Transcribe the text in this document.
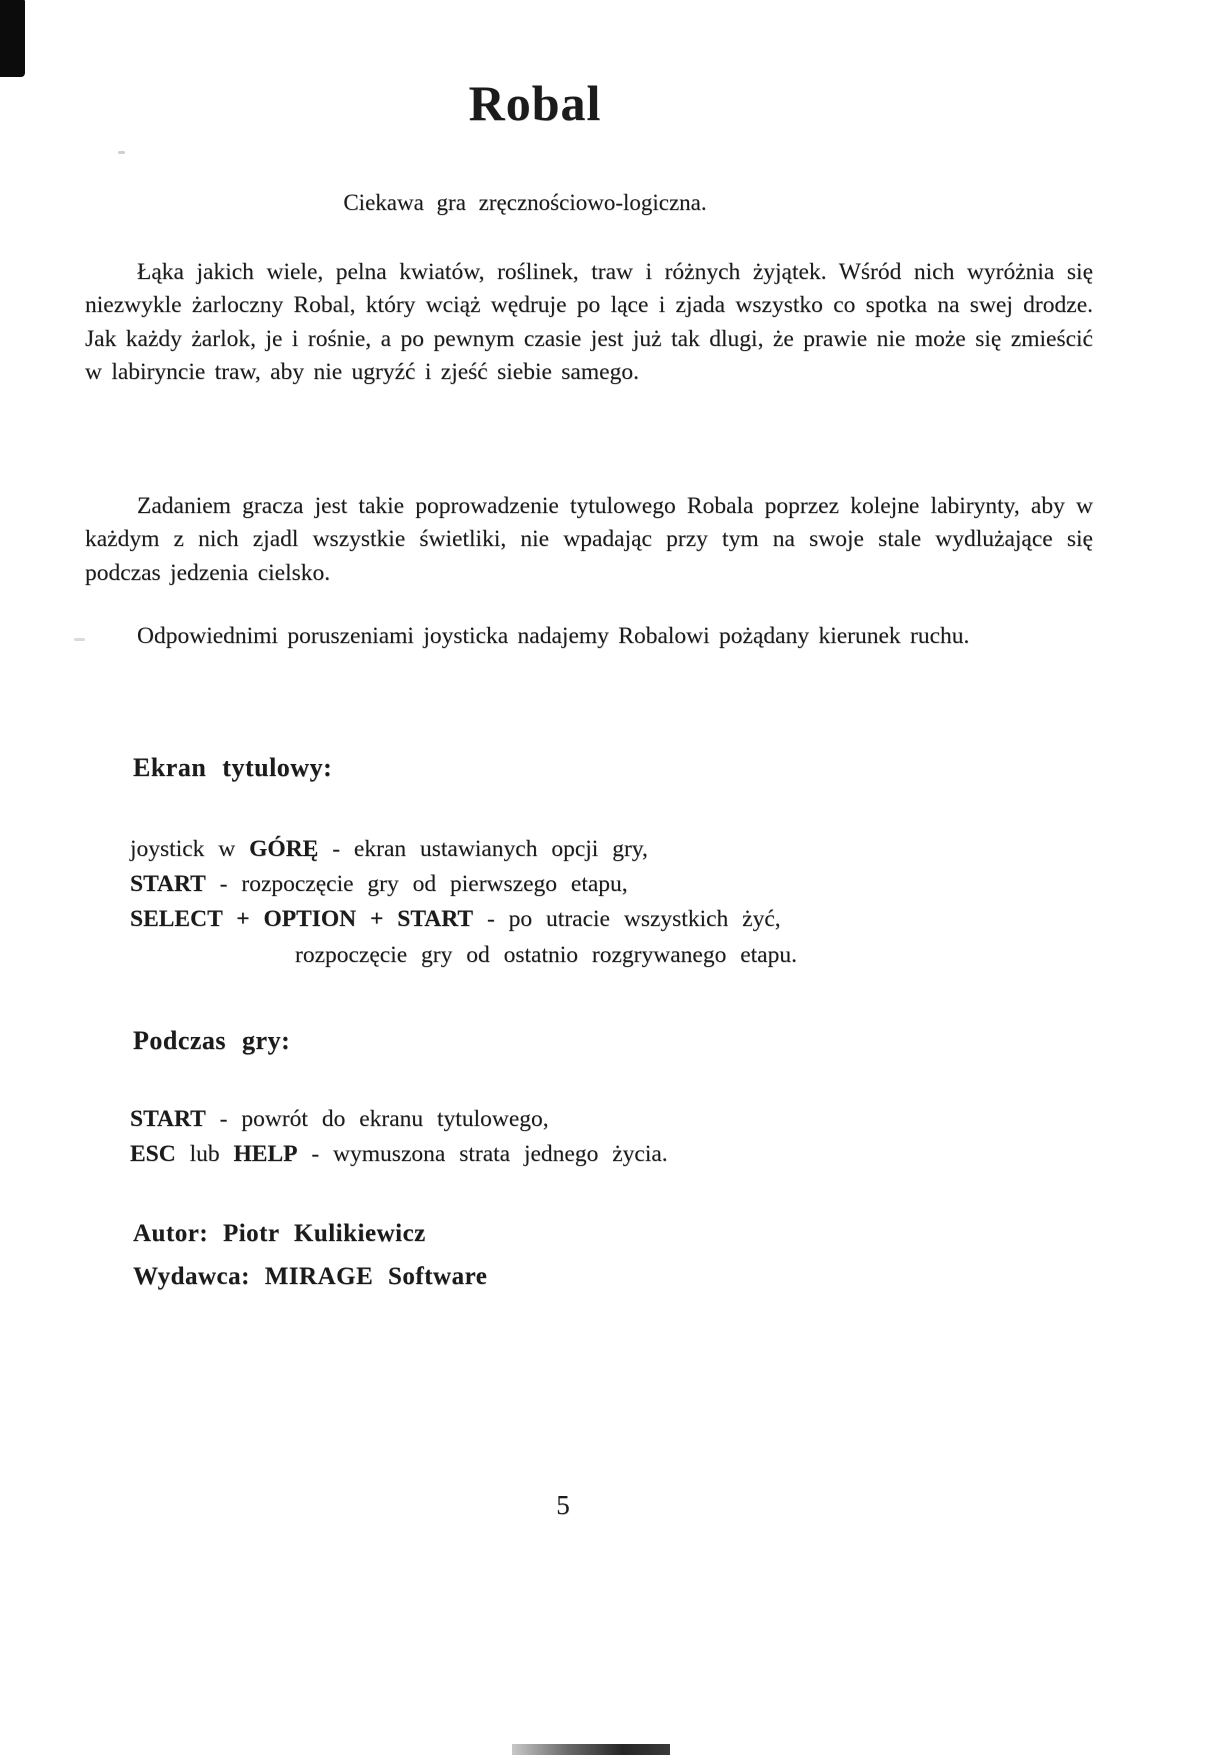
Robal

Ciekawa gra zręcznościowo-logiczna.

Łąka jakich wiele, pelna kwiatów, roślinek, traw i różnych żyjątek. Wśród nich wyróżnia się niezwykle żarloczny Robal, który wciąż wędruje po lące i zjada wszystko co spotka na swej drodze. Jak każdy żarlok, je i rośnie, a po pewnym czasie jest już tak dlugi, że prawie nie może się zmieścić w labiryncie traw, aby nie ugryźć i zjeść siebie samego.

Zadaniem gracza jest takie poprowadzenie tytulowego Robala poprzez kolejne labirynty, aby w każdym z nich zjadl wszystkie świetliki, nie wpadając przy tym na swoje stale wydlużające się podczas jedzenia cielsko.

Odpowiednimi poruszeniami joysticka nadajemy Robalowi pożądany kierunek ruchu.

Ekran tytulowy:

joystick w GÓRĘ - ekran ustawianych opcji gry,

START - rozpoczęcie gry od pierwszego etapu,

SELECT + OPTION + START - po utracie wszystkich żyć,

rozpoczęcie gry od ostatnio rozgrywanego etapu.

Podczas gry:

START - powrót do ekranu tytulowego,

ESC lub HELP - wymuszona strata jednego życia.

Autor: Piotr Kulikiewicz

Wydawca: MIRAGE Software

5
